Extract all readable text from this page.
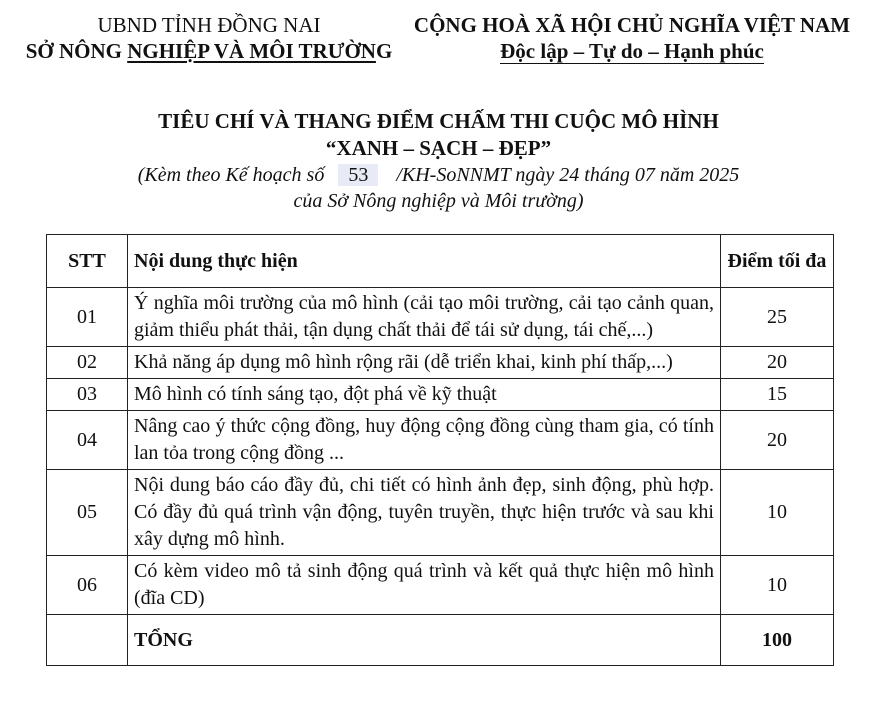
UBND TỈNH ĐỒNG NAI
SỞ NÔNG NGHIỆP VÀ MÔI TRƯỜNG
CỘNG HOÀ XÃ HỘI CHỦ NGHĨA VIỆT NAM
Độc lập – Tự do – Hạnh phúc
TIÊU CHÍ VÀ THANG ĐIỂM CHẤM THI CUỘC MÔ HÌNH
“XANH – SẠCH – ĐẸP”
(Kèm theo Kế hoạch số 53 /KH-SoNNMT ngày 24 tháng 07 năm 2025
của Sở Nông nghiệp và Môi trường)
STT	Nội dung thực hiện	Điểm tối đa
01	Ý nghĩa môi trường của mô hình (cải tạo môi trường, cải tạo cảnh quan, giảm thiểu phát thải, tận dụng chất thải để tái sử dụng, tái chế,...)	25
02	Khả năng áp dụng mô hình rộng rãi (dễ triển khai, kinh phí thấp,...)	20
03	Mô hình có tính sáng tạo, đột phá về kỹ thuật	15
04	Nâng cao ý thức cộng đồng, huy động cộng đồng cùng tham gia, có tính lan tỏa trong cộng đồng ...	20
05	Nội dung báo cáo đầy đủ, chi tiết có hình ảnh đẹp, sinh động, phù hợp. Có đầy đủ quá trình vận động, tuyên truyền, thực hiện trước và sau khi xây dựng mô hình.	10
06	Có kèm video mô tả sinh động quá trình và kết quả thực hiện mô hình (đĩa CD)	10
	TỔNG	100
